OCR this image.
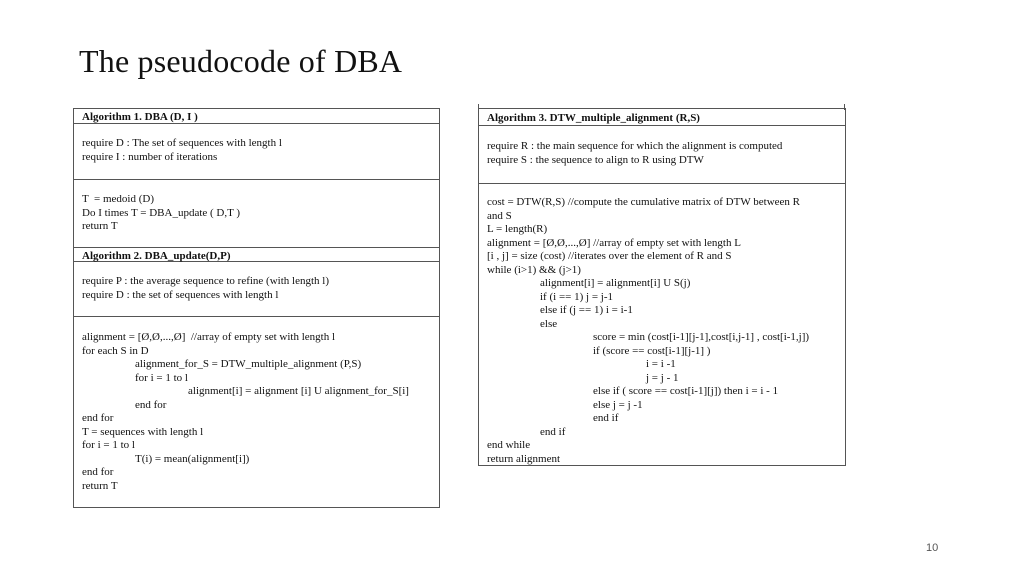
The pseudocode of DBA
Algorithm 1. DBA (D, I )
require D : The set of sequences with length l
require I : number of iterations
T  = medoid (D)
Do I times T = DBA_update ( D,T )
return T
Algorithm 2. DBA_update(D,P)
require P : the average sequence to refine (with length l)
require D : the set of sequences with length l
alignment = [Ø,Ø,...,Ø]  //array of empty set with length l
for each S in D
alignment_for_S = DTW_multiple_alignment (P,S)
for i = 1 to l
alignment[i] = alignment [i] U alignment_for_S[i]
end for
end for
T = sequences with length l
for i = 1 to l
T(i) = mean(alignment[i])
end for
return T
Algorithm 3. DTW_multiple_alignment (R,S)
require R : the main sequence for which the alignment is computed
require S : the sequence to align to R using DTW
cost = DTW(R,S) //compute the cumulative matrix of DTW between R
and S
L = length(R)
alignment = [Ø,Ø,...,Ø] //array of empty set with length L
[i , j] = size (cost) //iterates over the element of R and S
while (i>1) && (j>1)
alignment[i] = alignment[i] U S(j)
if (i == 1) j = j-1
else if (j == 1) i = i-1
else
score = min (cost[i-1][j-1],cost[i,j-1] , cost[i-1,j])
if (score == cost[i-1][j-1] )
i = i -1
j = j - 1
else if ( score == cost[i-1][j]) then i = i - 1
else j = j -1
end if
end if
end while
return alignment
10
